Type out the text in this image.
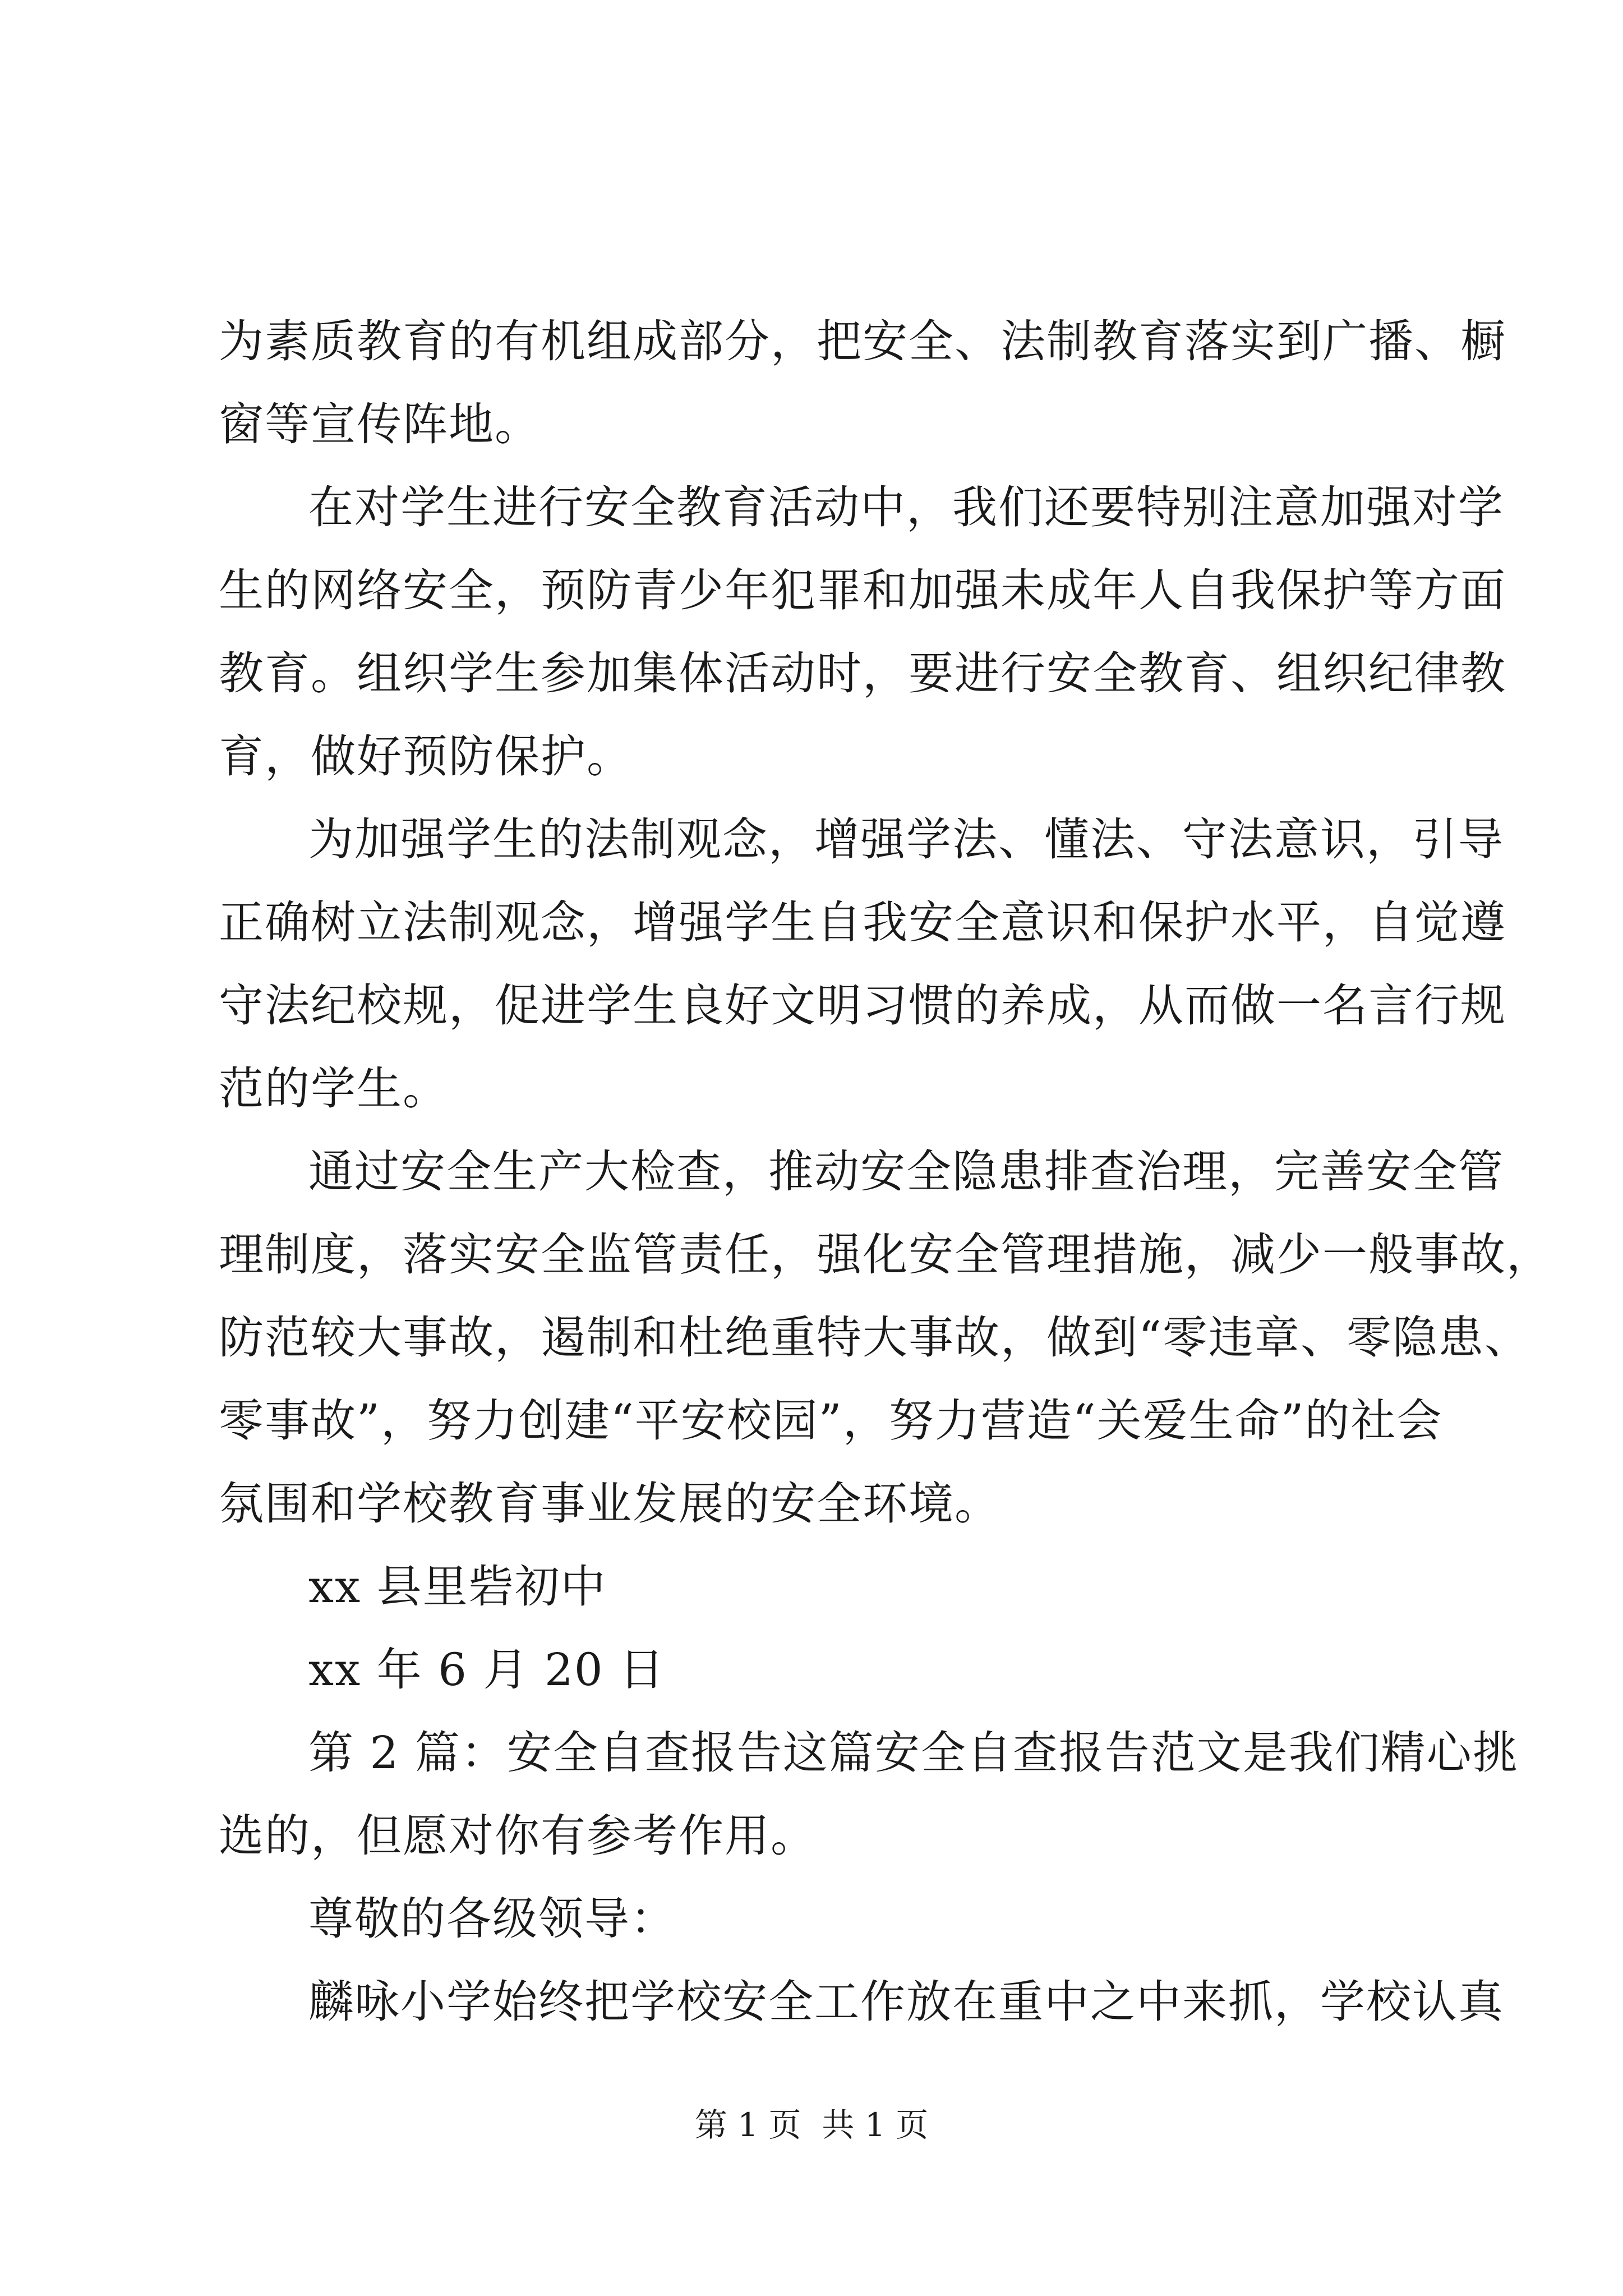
为素质教育的有机组成部分，把安全、法制教育落实到广播、橱
窗等宣传阵地。
在对学生进行安全教育活动中，我们还要特别注意加强对学
生的网络安全，预防青少年犯罪和加强未成年人自我保护等方面
教育。组织学生参加集体活动时，要进行安全教育、组织纪律教
育，做好预防保护。
为加强学生的法制观念，增强学法、懂法、守法意识，引导
正确树立法制观念，增强学生自我安全意识和保护水平，自觉遵
守法纪校规，促进学生良好文明习惯的养成，从而做一名言行规
范的学生。
通过安全生产大检查，推动安全隐患排查治理，完善安全管
理制度，落实安全监管责任，强化安全管理措施，减少一般事故，
防范较大事故，遏制和杜绝重特大事故，做到“零违章、零隐患、
零事故”，努力创建“平安校园”，努力营造“关爱生命”的社会
氛围和学校教育事业发展的安全环境。
xx 县里砦初中
xx 年 6 月 20 日
第 2 篇：安全自查报告这篇安全自查报告范文是我们精心挑
选的，但愿对你有参考作用。
尊敬的各级领导：
麟咏小学始终把学校安全工作放在重中之中来抓，学校认真
第 1 页  共 1 页
